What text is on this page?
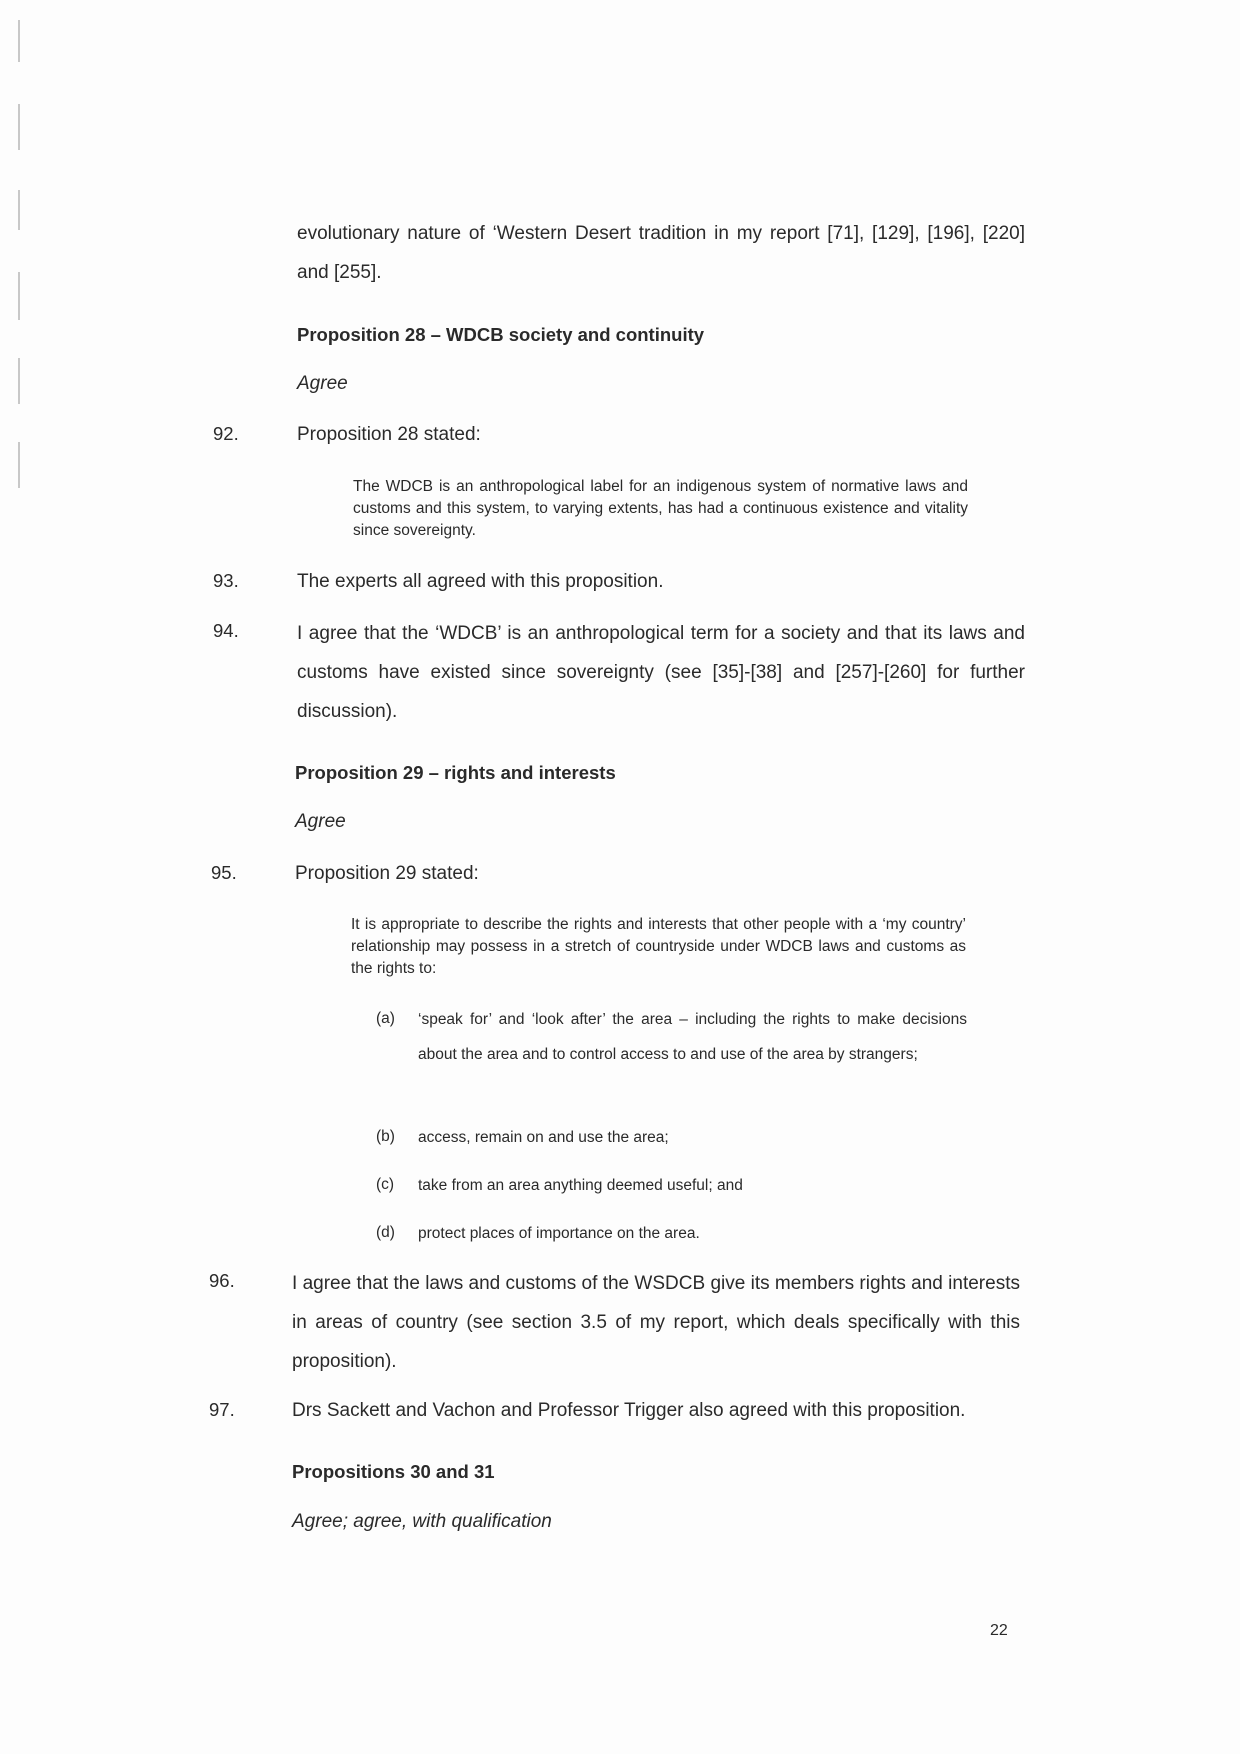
evolutionary nature of ‘Western Desert tradition in my report [71], [129], [196], [220] and [255].
Proposition 28 – WDCB society and continuity
Agree
92.	Proposition 28 stated:
The WDCB is an anthropological label for an indigenous system of normative laws and customs and this system, to varying extents, has had a continuous existence and vitality since sovereignty.
93.	The experts all agreed with this proposition.
94.	I agree that the ‘WDCB’ is an anthropological term for a society and that its laws and customs have existed since sovereignty (see [35]-[38] and [257]-[260] for further discussion).
Proposition 29 – rights and interests
Agree
95.	Proposition 29 stated:
It is appropriate to describe the rights and interests that other people with a ‘my country’ relationship may possess in a stretch of countryside under WDCB laws and customs as the rights to:
(a) ‘speak for’ and ‘look after’ the area – including the rights to make decisions about the area and to control access to and use of the area by strangers;
(b) access, remain on and use the area;
(c) take from an area anything deemed useful; and
(d) protect places of importance on the area.
96.	I agree that the laws and customs of the WSDCB give its members rights and interests in areas of country (see section 3.5 of my report, which deals specifically with this proposition).
97.	Drs Sackett and Vachon and Professor Trigger also agreed with this proposition.
Propositions 30 and 31
Agree; agree, with qualification
22
